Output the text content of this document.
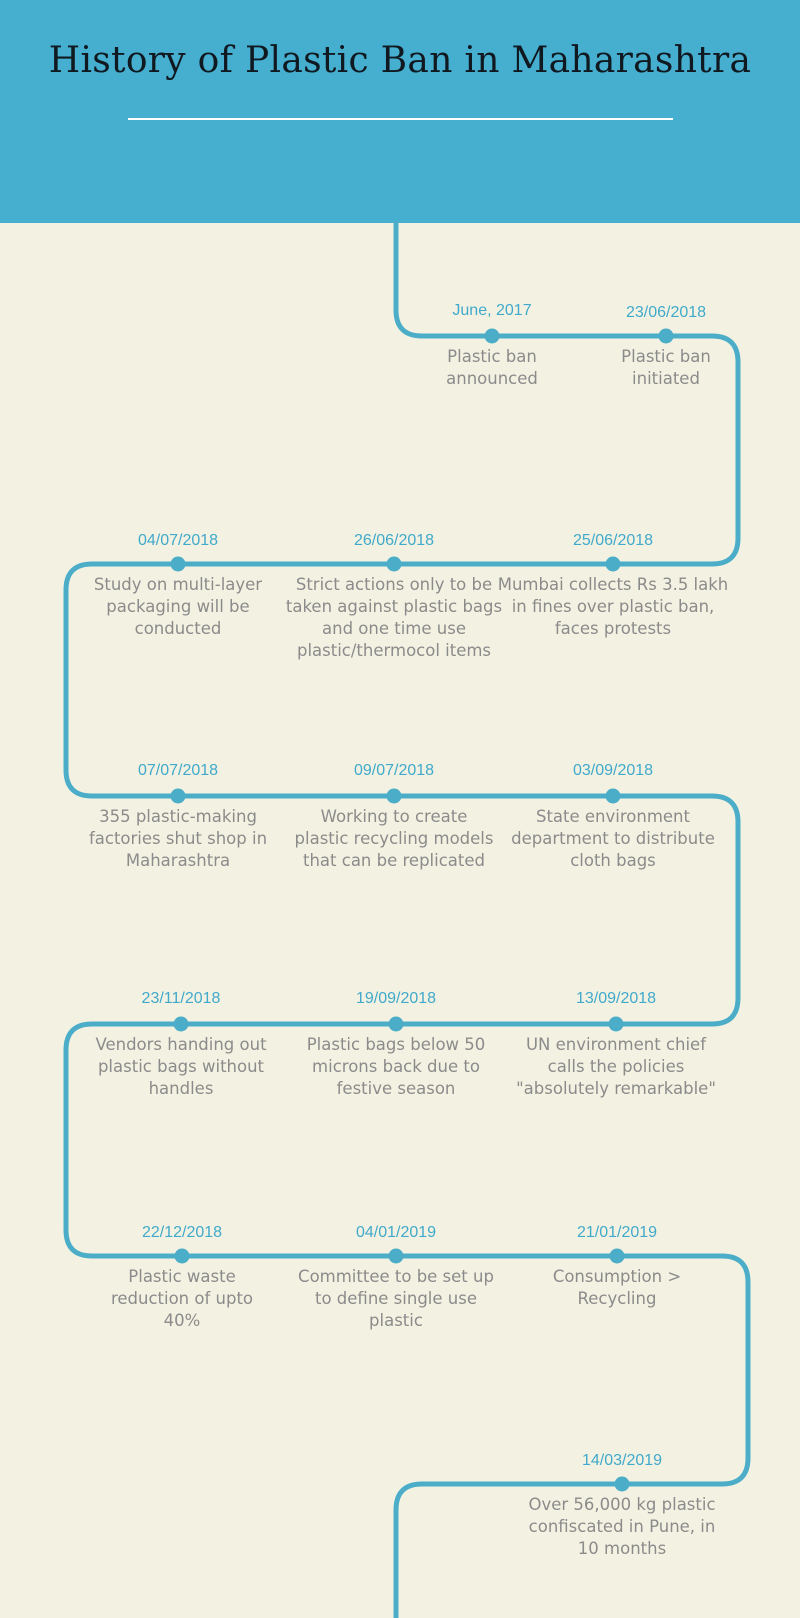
History of Plastic Ban in Maharashtra
June, 2017
Plastic ban announced
23/06/2018
Plastic ban initiated
25/06/2018
Mumbai collects Rs 3.5 lakh in fines over plastic ban, faces protests
26/06/2018
Strict actions only to be taken against plastic bags and one time use plastic/thermocol items
04/07/2018
Study on multi-layer packaging will be conducted
07/07/2018
355 plastic-making factories shut shop in Maharashtra
09/07/2018
Working to create plastic recycling models that can be replicated
03/09/2018
State environment department to distribute cloth bags
13/09/2018
UN environment chief calls the policies "absolutely remarkable"
19/09/2018
Plastic bags below 50 microns back due to festive season
23/11/2018
Vendors handing out plastic bags without handles
22/12/2018
Plastic waste reduction of upto 40%
04/01/2019
Committee to be set up to define single use plastic
21/01/2019
Consumption > Recycling
14/03/2019
Over 56,000 kg plastic confiscated in Pune, in 10 months
